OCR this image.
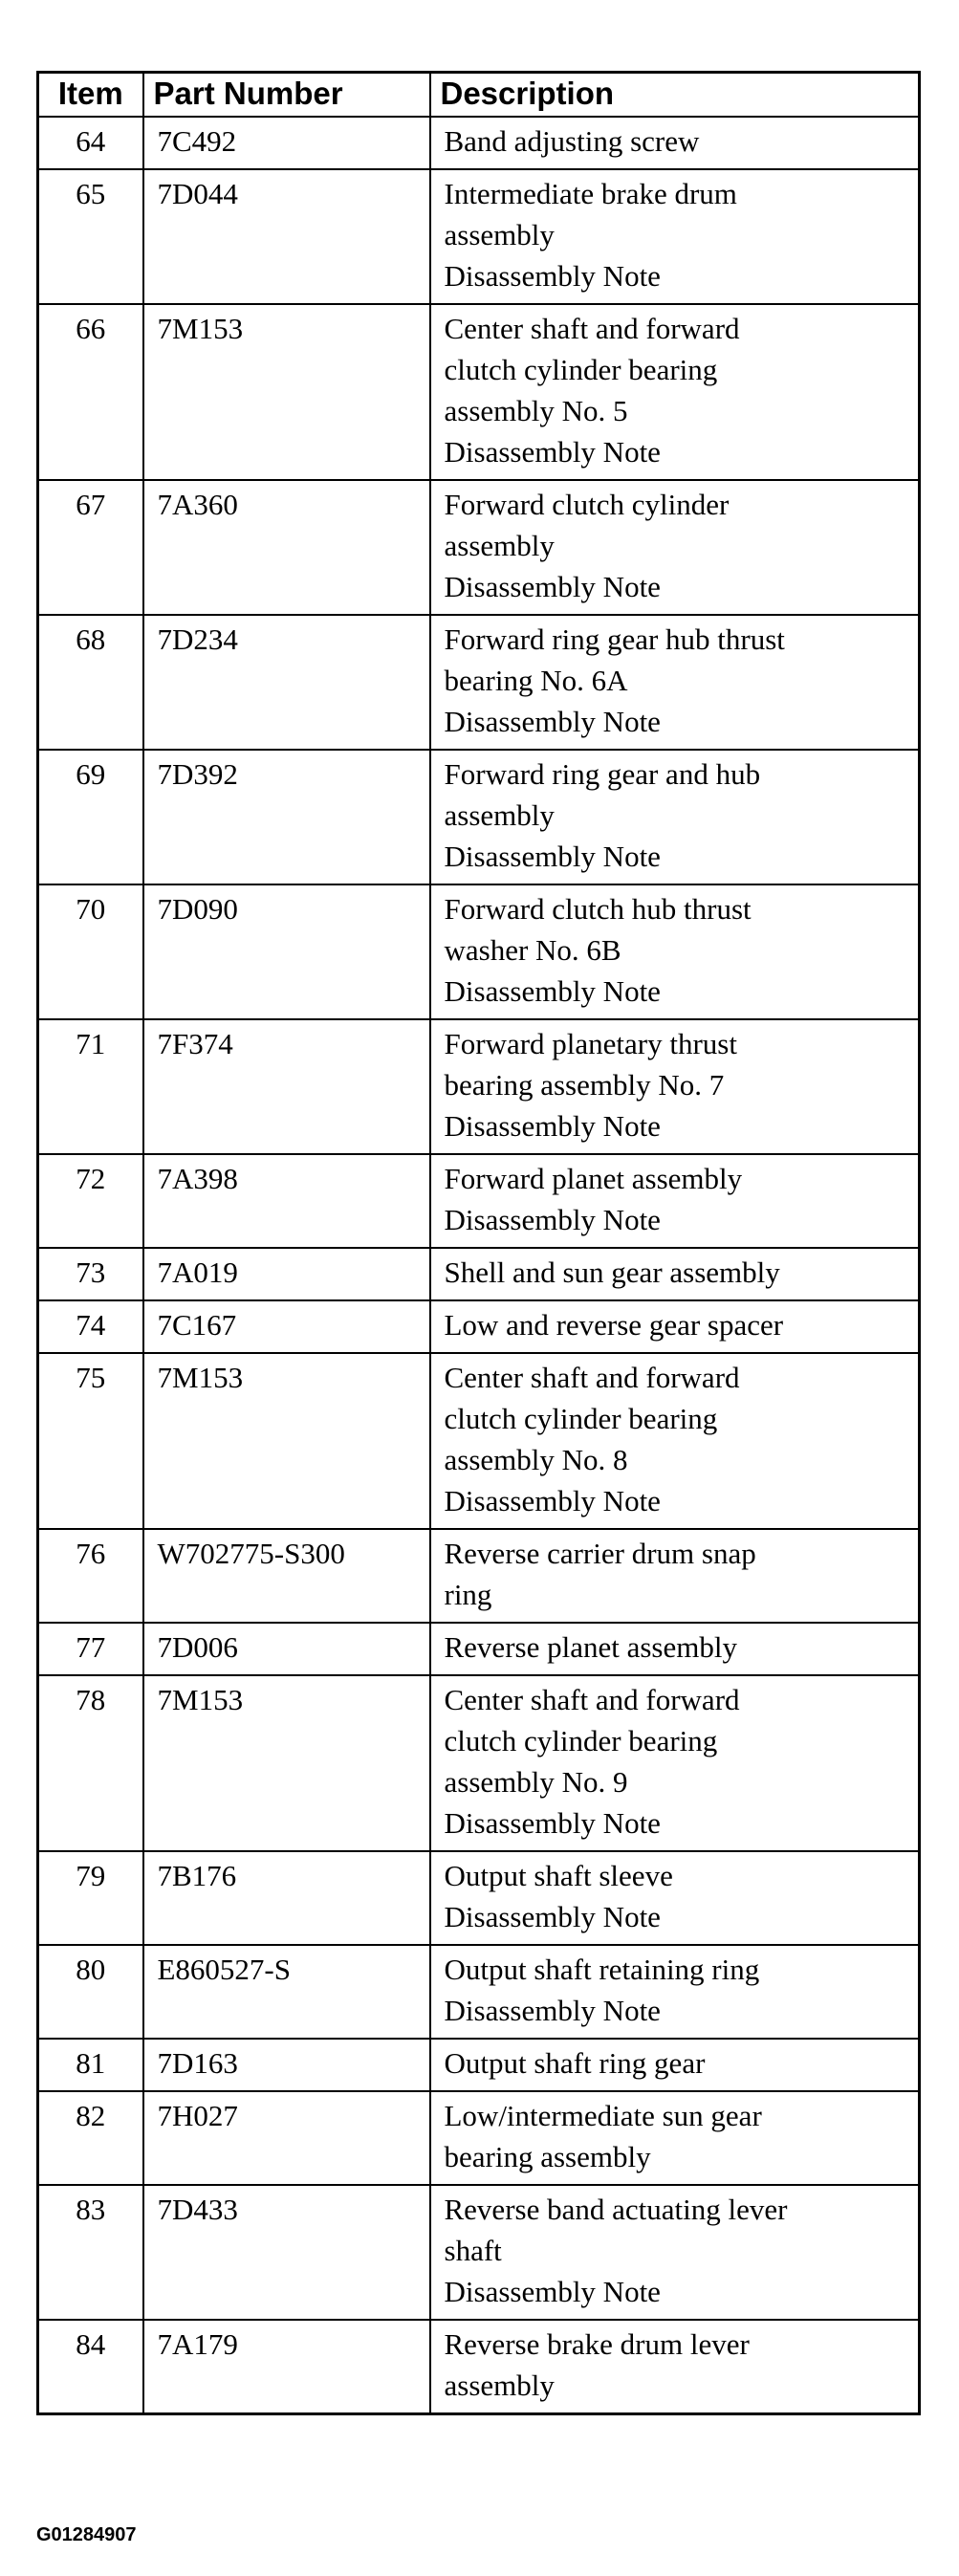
Item	Part Number	Description
64	7C492	Band adjusting screw

65	7D044	Intermediate brake drum
assembly
Disassembly Note

66	7M153	Center shaft and forward
clutch cylinder bearing
assembly No. 5
Disassembly Note

67	7A360	Forward clutch cylinder
assembly
Disassembly Note

68	7D234	Forward ring gear hub thrust
bearing No. 6A
Disassembly Note

69	7D392	Forward ring gear and hub
assembly
Disassembly Note

70	7D090	Forward clutch hub thrust
washer No. 6B
Disassembly Note

71	7F374	Forward planetary thrust
bearing assembly No. 7
Disassembly Note

72	7A398	Forward planet assembly
Disassembly Note

73	7A019	Shell and sun gear assembly

74	7C167	Low and reverse gear spacer

75	7M153	Center shaft and forward
clutch cylinder bearing
assembly No. 8
Disassembly Note

76	W702775-S300	Reverse carrier drum snap
ring

77	7D006	Reverse planet assembly

78	7M153	Center shaft and forward
clutch cylinder bearing
assembly No. 9
Disassembly Note

79	7B176	Output shaft sleeve
Disassembly Note

80	E860527-S	Output shaft retaining ring
Disassembly Note

81	7D163	Output shaft ring gear

82	7H027	Low/intermediate sun gear
bearing assembly

83	7D433	Reverse band actuating lever
shaft
Disassembly Note

84	7A179	Reverse brake drum lever
assembly
G01284907
